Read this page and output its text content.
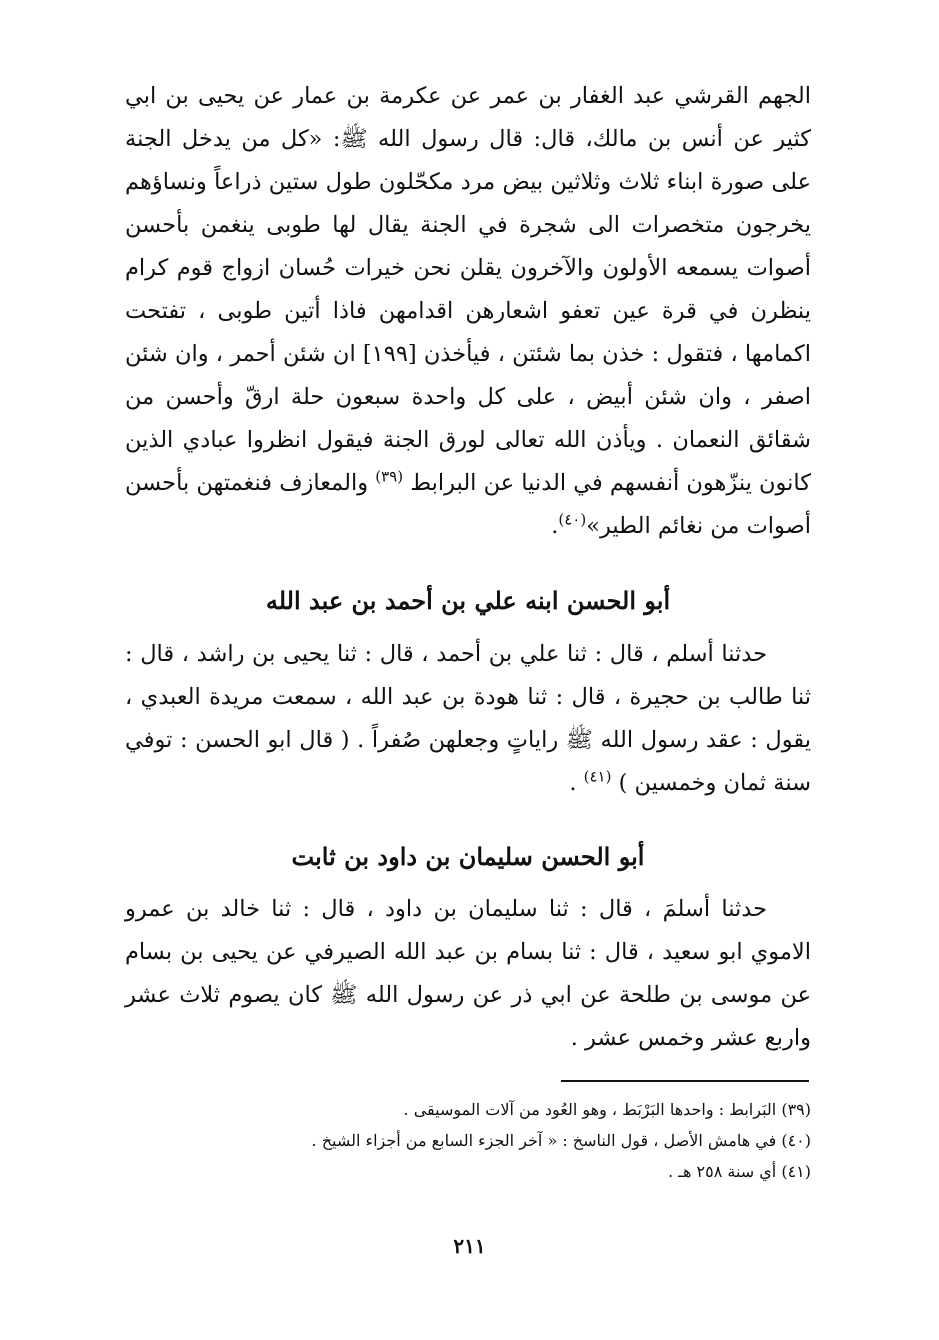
الجهم القرشي عبد الغفار بن عمر عن عكرمة بن عمار عن يحيى بن ابي كثير عن أنس بن مالك، قال: قال رسول الله ﷺ: «كل من يدخل الجنة على صورة ابناء ثلاث وثلاثين بيض مرد مكحّلون طول ستين ذراعاً ونساؤهم يخرجون متخصرات الى شجرة في الجنة يقال لها طوبى ينغمن بأحسن أصوات يسمعه الأولون والآخرون يقلن نحن خيرات حُسان ازواج قوم كرام ينظرن في قرة عين تعفو اشعارهن اقدامهن فاذا أتين طوبى ، تفتحت اكمامها ، فتقول : خذن بما شئتن ، فيأخذن [١٩٩] ان شئن أحمر ، وان شئن اصفر ، وان شئن أبيض ، على كل واحدة سبعون حلة ارقّ وأحسن من شقائق النعمان . ويأذن الله تعالى لورق الجنة فيقول انظروا عبادي الذين كانون ينزّهون أنفسهم في الدنيا عن البرابط $^{(٣٩)}$ والمعازف فنغمتهن بأحسن أصوات من نغائم الطير»$^{(٤٠)}$.

أبو الحسن ابنه علي بن أحمد بن عبد الله

حدثنا أسلم ، قال : ثنا علي بن أحمد ، قال : ثنا يحيى بن راشد ، قال : ثنا طالب بن حجيرة ، قال : ثنا هودة بن عبد الله ، سمعت مريدة العبدي ، يقول : عقد رسول الله ﷺ راياتٍ وجعلهن صُفراً . ( قال ابو الحسن : توفي سنة ثمان وخمسين ) $^{(٤١)}$ .

أبو الحسن سليمان بن داود بن ثابت

حدثنا أسلمَ ، قال : ثنا سليمان بن داود ، قال : ثنا خالد بن عمرو الاموي ابو سعيد ، قال : ثنا بسام بن عبد الله الصيرفي عن يحيى بن بسام عن موسى بن طلحة عن ابي ذر عن رسول الله ﷺ كان يصوم ثلاث عشر واربع عشر وخمس عشر .

(٣٩) البَرابط : واحدها البَرْبَط ، وهو العُود من آلات الموسيقى .
(٤٠) في هامش الأصل ، قول الناسخ : « آخر الجزء السابع من أجزاء الشيخ .
(٤١) أي سنة ٢٥٨ هـ .
٢١١
